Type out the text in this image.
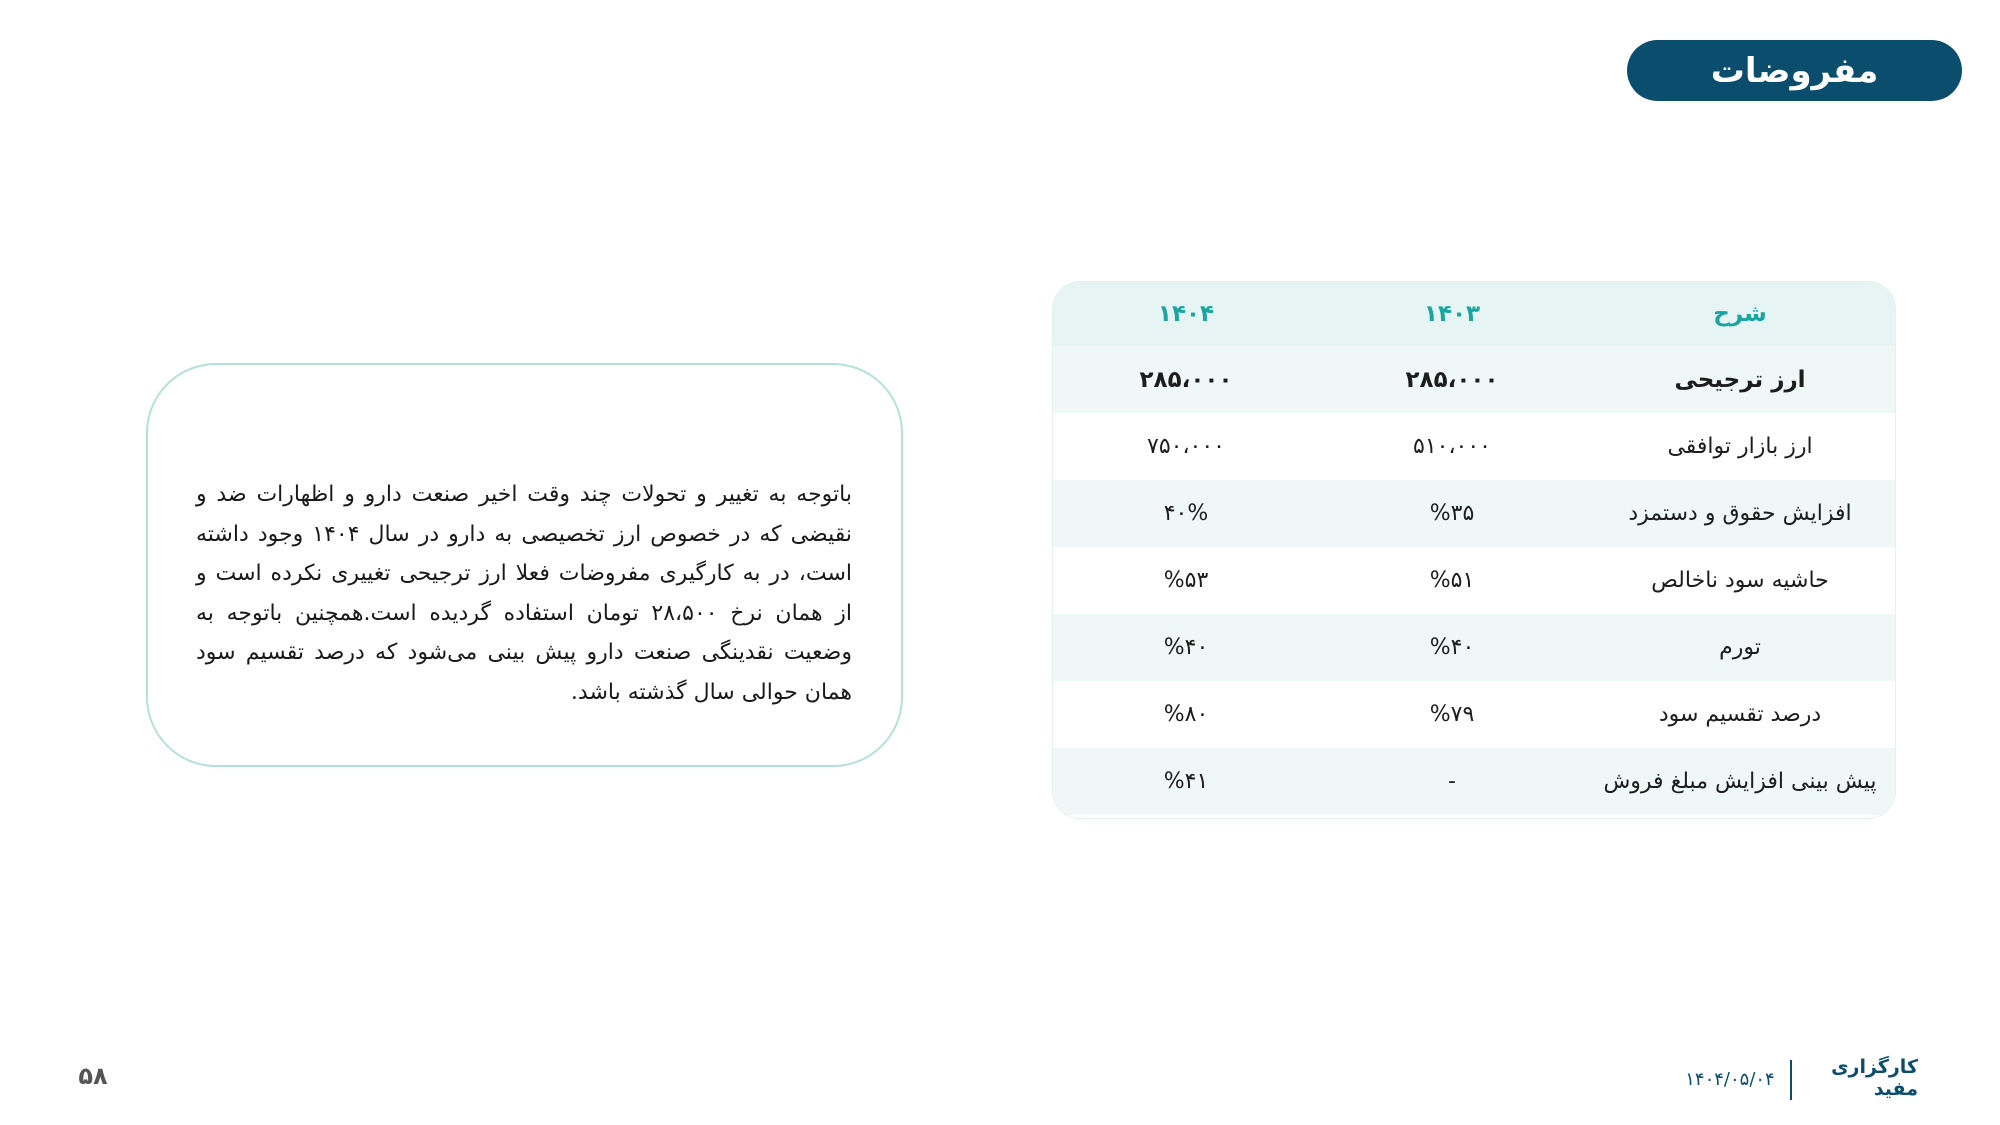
مفروضات

باتوجه به تغییر و تحولات چند وقت اخیر صنعت دارو و اظهارات ضد و نقیضی که در خصوص ارز تخصیصی به دارو در سال ۱۴۰۴ وجود داشته است، در به کارگیری مفروضات فعلا ارز ترجیحی تغییری نکرده است و از همان نرخ ۲۸،۵۰۰ تومان استفاده گردیده است.همچنین باتوجه به وضعیت نقدینگی صنعت دارو پیش بینی می‌شود که درصد تقسیم سود همان حوالی سال گذشته باشد.

شرح
۱۴۰۳
۱۴۰۴
ارز ترجیحی
۲۸۵،۰۰۰
۲۸۵،۰۰۰
ارز بازار توافقی
۵۱۰،۰۰۰
۷۵۰،۰۰۰
افزایش حقوق و دستمزد
%۳۵
۴۰%
حاشیه سود ناخالص
%۵۱
%۵۳
تورم
%۴۰
%۴۰
درصد تقسیم سود
%۷۹
%۸۰
پیش بینی افزایش مبلغ فروش
-
%۴۱
کارگزاری مفید
۱۴۰۴/۰۵/۰۴
۵۸
